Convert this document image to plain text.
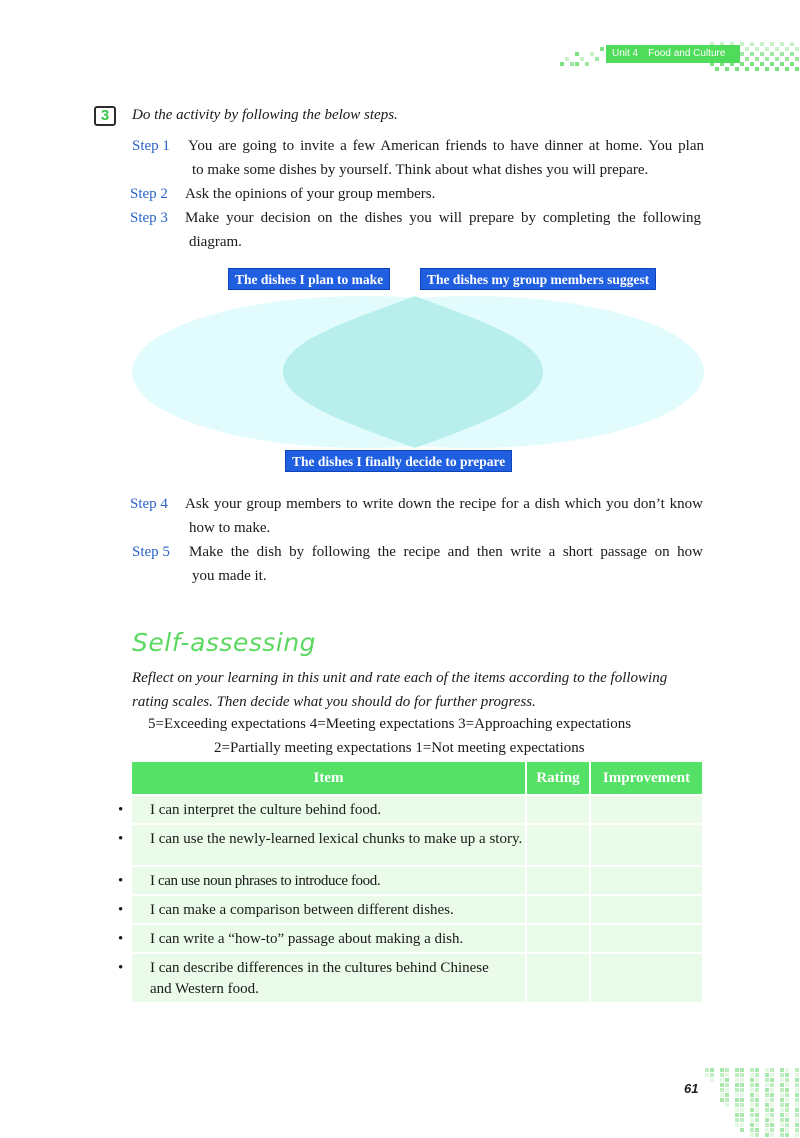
Unit 4 Food and Culture
3	Do the activity by following the below steps.
Step 1 You are going to invite a few American friends to have dinner at home. You plan
to make some dishes by yourself. Think about what dishes you will prepare.
Step 2 Ask the opinions of your group members.
Step 3 Make your decision on the dishes you will prepare by completing the following
diagram.
The dishes I plan to make	The dishes my group members suggest
The dishes I finally decide to prepare
Step 4 Ask your group members to write down the recipe for a dish which you don’t know
how to make.
Step 5 Make the dish by following the recipe and then write a short passage on how
you made it.
Self-assessing
Reflect on your learning in this unit and rate each of the items according to the following rating scales. Then decide what you should do for further progress.
5=Exceeding expectations 4=Meeting expectations 3=Approaching expectations
2=Partially meeting expectations 1=Not meeting expectations
Item	Rating	Improvement

• I can interpret the culture behind food.		

• I can use the newly-learned lexical chunks to make up a story.		

• I can use noun phrases to introduce food.		

• I can make a comparison between different dishes.		

• I can write a “how-to” passage about making a dish.		

• I can describe differences in the cultures behind Chinese and Western food.		

61
